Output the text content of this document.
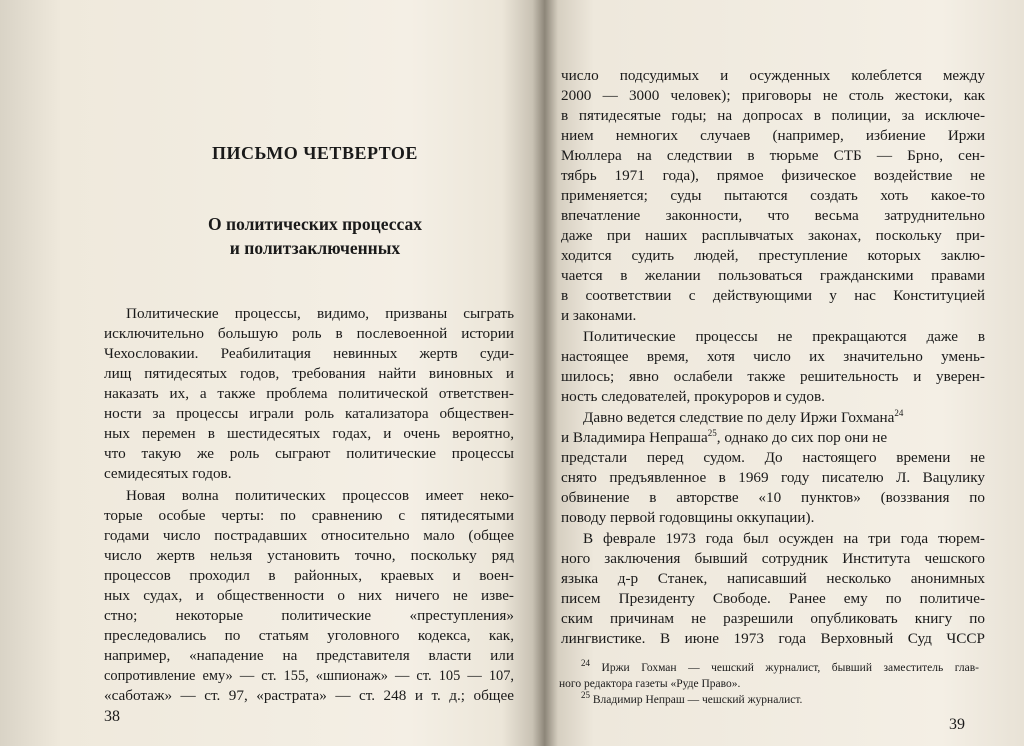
ПИСЬМО ЧЕТВЕРТОЕ
О политических процессах
и политзаключенных
Политические процессы, видимо, призваны сыграть
исключительно большую роль в послевоенной истории
Чехословакии. Реабилитация невинных жертв суди-
лищ пятидесятых годов, требования найти виновных и
наказать их, а также проблема политической ответствен-
ности за процессы играли роль катализатора обществен-
ных перемен в шестидесятых годах, и очень вероятно,
что такую же роль сыграют политические процессы
семидесятых годов.
Новая волна политических процессов имеет неко-
торые особые черты: по сравнению с пятидесятыми
годами число пострадавших относительно мало (общее
число жертв нельзя установить точно, поскольку ряд
процессов проходил в районных, краевых и воен-
ных судах, и общественности о них ничего не изве-
стно; некоторые политические «преступления»
преследовались по статьям уголовного кодекса, как,
например, «нападение на представителя власти или
сопротивление ему» — ст. 155, «шпионаж» — ст. 105 — 107,
«саботаж» — ст. 97, «растрата» — ст. 248 и т. д.; общее
38
число подсудимых и осужденных колеблется между
2000 — 3000 человек); приговоры не столь жестоки, как
в пятидесятые годы; на допросах в полиции, за исключе-
нием немногих случаев (например, избиение Иржи
Мюллера на следствии в тюрьме СТБ — Брно, сен-
тябрь 1971 года), прямое физическое воздействие не
применяется; суды пытаются создать хоть какое-то
впечатление законности, что весьма затруднительно
даже при наших расплывчатых законах, поскольку при-
ходится судить людей, преступление которых заклю-
чается в желании пользоваться гражданскими правами
в соответствии с действующими у нас Конституцией
и законами.
Политические процессы не прекращаются даже в
настоящее время, хотя число их значительно умень-
шилось; явно ослабели также решительность и уверен-
ность следователей, прокуроров и судов.
Давно ведется следствие по делу Иржи Гохмана$^{24}$
и Владимира Непраша$^{25}$, однако до сих пор они не
предстали перед судом. До настоящего времени не
снято предъявленное в 1969 году писателю Л. Вацулику
обвинение в авторстве «10 пунктов» (воззвания по
поводу первой годовщины оккупации).
В феврале 1973 года был осужден на три года тюрем-
ного заключения бывший сотрудник Института чешского
языка д-р Станек, написавший несколько анонимных
писем Президенту Свободе. Ранее ему по политиче-
ским причинам не разрешили опубликовать книгу по
лингвистике. В июне 1973 года Верховный Суд ЧССР
$^{24}$ Иржи Гохман — чешский журналист, бывший заместитель глав-
ного редактора газеты «Руде Право».
$^{25}$ Владимир Непраш — чешский журналист.
39
